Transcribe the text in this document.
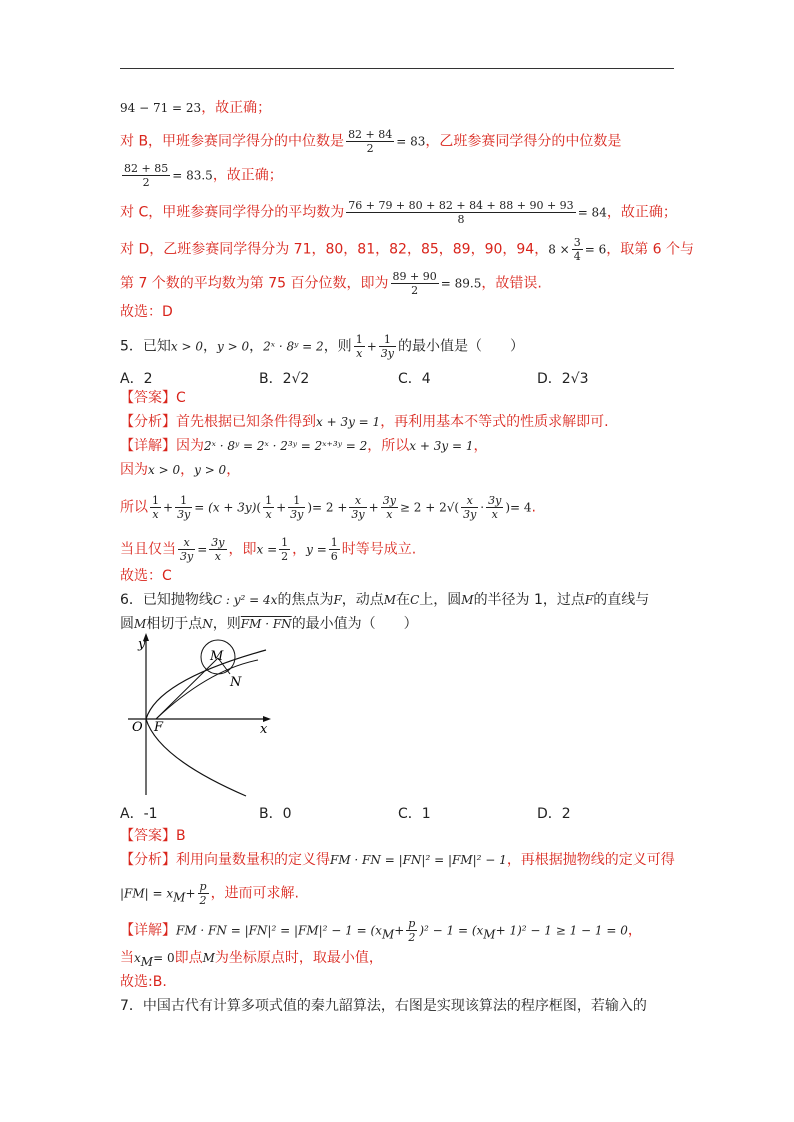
94 − 71 = 23，故正确；
对 B，甲班参赛同学得分的中位数是 $\frac{82 + 84}{2} = 83$，乙班参赛同学得分的中位数是
$\frac{82 + 85}{2} = 83.5$，故正确；
对 C，甲班参赛同学得分的平均数为 $\frac{76 + 79 + 80 + 82 + 84 + 88 + 90 + 93}{8} = 84$，故正确；
对 D，乙班参赛同学得分为 71，80，81，82，85，89，90，94，$8 \times \frac{3}{4} = 6$，取第 6 个与
第 7 个数的平均数为第 75 百分位数，即为 $\frac{89 + 90}{2} = 89.5$，故错误.
故选：D
5．已知x > 0，y > 0，2ˣ · 8ʸ = 2，则 $\frac{1}{x} + \frac{1}{3y}$ 的最小值是（　　）
A．2	B．2√2	C．4	D．2√3
【答案】C
【分析】首先根据已知条件得到x + 3y = 1，再利用基本不等式的性质求解即可.
【详解】因为2ˣ · 8ʸ = 2ˣ · 2³ʸ = 2ˣ⁺³ʸ = 2，所以x + 3y = 1，
因为x > 0，y > 0，
所以 $\frac{1}{x} + \frac{1}{3y} = (x + 3y)( \frac{1}{x} + \frac{1}{3y}$ )= $2 + \frac{x}{3y} + \frac{3y}{x} \ge 2 + 2√( \frac{x}{3y} \cdot \frac{3y}{x}$ )= 4.
当且仅当 $\frac{x}{3y} = \frac{3y}{x}$ ，即$x = \frac{1}{2}$ ，$y = \frac{1}{6}$ 时等号成立.
故选：C
6．已知抛物线C : y² = 4x的焦点为F，动点M在C上，圆M的半径为 1，过点F的直线与
圆M相切于点N，则FM · FN的最小值为（　　）
y
x
O F
M
N
A．-1	B．0	C．1	D．2
【答案】B
【分析】利用向量数量积的定义得FM · FN = |FN|² = |FM|² − 1，再根据抛物线的定义可得
$|FM| = x_M+ \frac{p}{2}$ ，进而可求解.
【详解】FM · FN = $|FN|^2 = |FM|^2 - 1 = (x_M+ \frac{p}{2} )^2 - 1 = (x_M+ 1)^2 - 1 \ge 1 - 1 = 0$，
当$x_M= 0$即点M为坐标原点时，取最小值，
故选:B.
7．中国古代有计算多项式值的秦九韶算法，右图是实现该算法的程序框图，若输入的
